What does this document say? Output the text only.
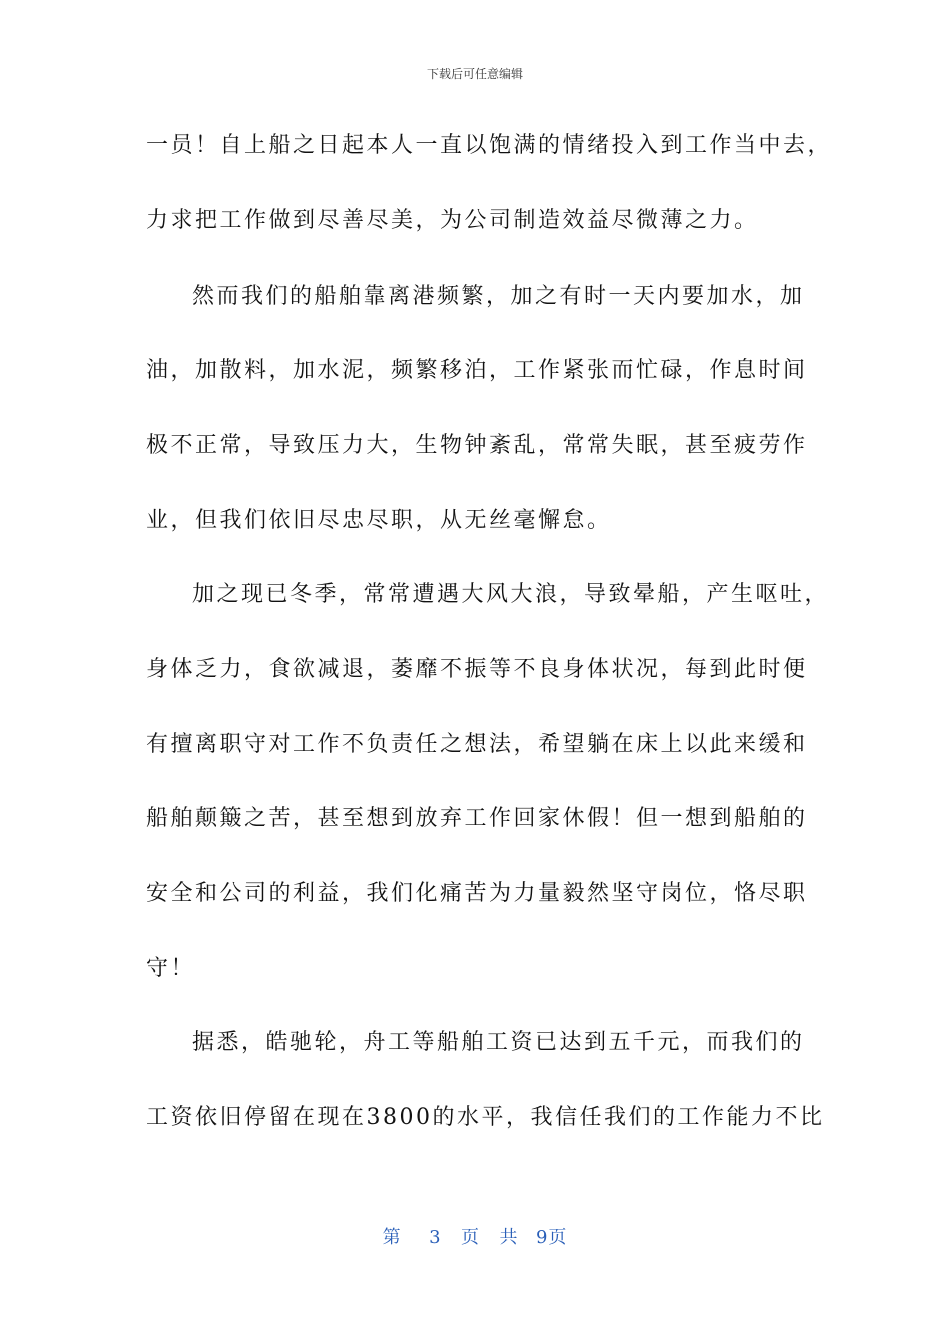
下载后可任意编辑
一员！自上船之日起本人一直以饱满的情绪投入到工作当中去，
力求把工作做到尽善尽美，为公司制造效益尽微薄之力。
然而我们的船舶靠离港频繁，加之有时一天内要加水，加
油，加散料，加水泥，频繁移泊，工作紧张而忙碌，作息时间
极不正常，导致压力大，生物钟紊乱，常常失眠，甚至疲劳作
业，但我们依旧尽忠尽职，从无丝毫懈怠。
加之现已冬季，常常遭遇大风大浪，导致晕船，产生呕吐，
身体乏力，食欲减退，萎靡不振等不良身体状况，每到此时便
有擅离职守对工作不负责任之想法，希望躺在床上以此来缓和
船舶颠簸之苦，甚至想到放弃工作回家休假！但一想到船舶的
安全和公司的利益，我们化痛苦为力量毅然坚守岗位，恪尽职
守！
据悉，皓驰轮，舟工等船舶工资已达到五千元，而我们的
工资依旧停留在现在3800的水平，我信任我们的工作能力不比
第 3 页 共 9页
